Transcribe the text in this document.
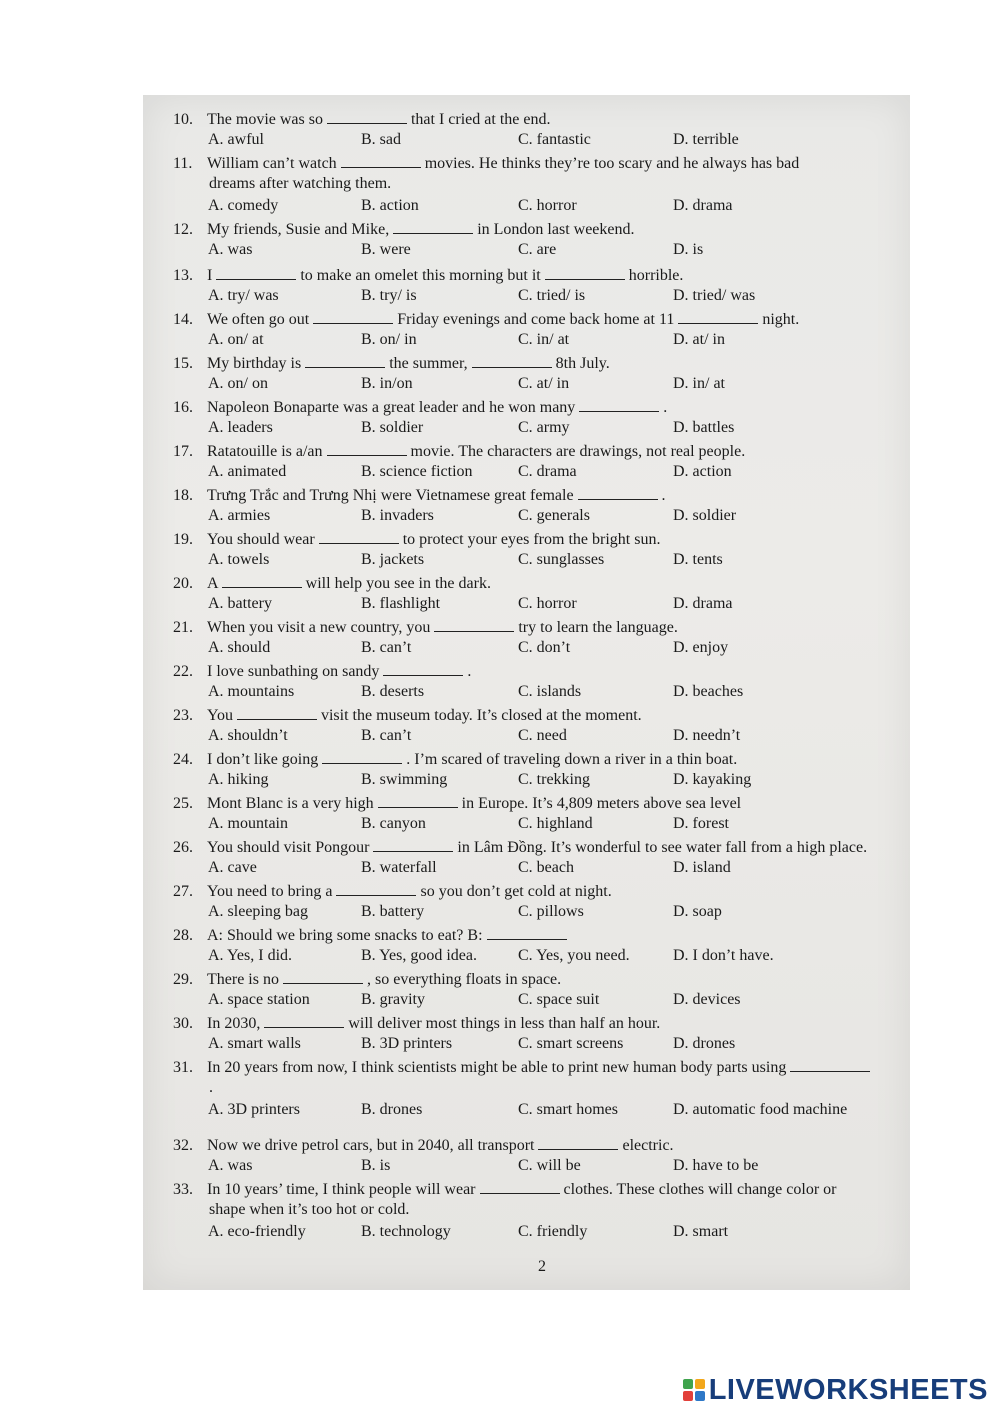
10. The movie was so	that I cried at the end.
A. awful	B. sad	C. fantastic	D. terrible
11. William can’t watch	movies. He thinks they’re too scary and he always has bad
dreams after watching them.
A. comedy	B. action	C. horror	D. drama
12. My friends, Susie and Mike,	in London last weekend.
A. was	B. were	C. are	D. is
13. I	to make an omelet this morning but it	horrible.
A. try/ was	B. try/ is	C. tried/ is	D. tried/ was
14. We often go out	Friday evenings and come back home at 11	night.
A. on/ at	B. on/ in	C. in/ at	D. at/ in
15. My birthday is	the summer,	8th July.
A. on/ on	B. in/on	C. at/ in	D. in/ at
16. Napoleon Bonaparte was a great leader and he won many	.
A. leaders	B. soldier	C. army	D. battles
17. Ratatouille is a/an	movie. The characters are drawings, not real people.
A. animated	B. science fiction	C. drama	D. action
18. Trưng Trắc and Trưng Nhị were Vietnamese great female	.
A. armies	B. invaders	C. generals	D. soldier
19. You should wear	to protect your eyes from the bright sun.
A. towels	B. jackets	C. sunglasses	D. tents
20. A	will help you see in the dark.
A. battery	B. flashlight	C. horror	D. drama
21. When you visit a new country, you	try to learn the language.
A. should	B. can’t	C. don’t	D. enjoy
22. I love sunbathing on sandy	.
A. mountains	B. deserts	C. islands	D. beaches
23. You	visit the museum today. It’s closed at the moment.
A. shouldn’t	B. can’t	C. need	D. needn’t
24. I don’t like going	. I’m scared of traveling down a river in a thin boat.
A. hiking	B. swimming	C. trekking	D. kayaking
25. Mont Blanc is a very high	in Europe. It’s 4,809 meters above sea level
A. mountain	B. canyon	C. highland	D. forest
26. You should visit Pongour	in Lâm Đồng. It’s wonderful to see water fall from a high place.
A. cave	B. waterfall	C. beach	D. island
27. You need to bring a	so you don’t get cold at night.
A. sleeping bag	B. battery	C. pillows	D. soap
28. A: Should we bring some snacks to eat? B:
A. Yes, I did.	B. Yes, good idea.	C. Yes, you need.	D. I don’t have.
29. There is no	, so everything floats in space.
A. space station	B. gravity	C. space suit	D. devices
30. In 2030,	will deliver most things in less than half an hour.
A. smart walls	B. 3D printers	C. smart screens	D. drones
31. In 20 years from now, I think scientists might be able to print new human body parts using
.
A. 3D printers	B. drones	C. smart homes	D. automatic food machine
32. Now we drive petrol cars, but in 2040, all transport	electric.
A. was	B. is	C. will be	D. have to be
33. In 10 years’ time, I think people will wear	clothes. These clothes will change color or
shape when it’s too hot or cold.
A. eco-friendly	B. technology	C. friendly	D. smart
2
LIVEWORKSHEETS
